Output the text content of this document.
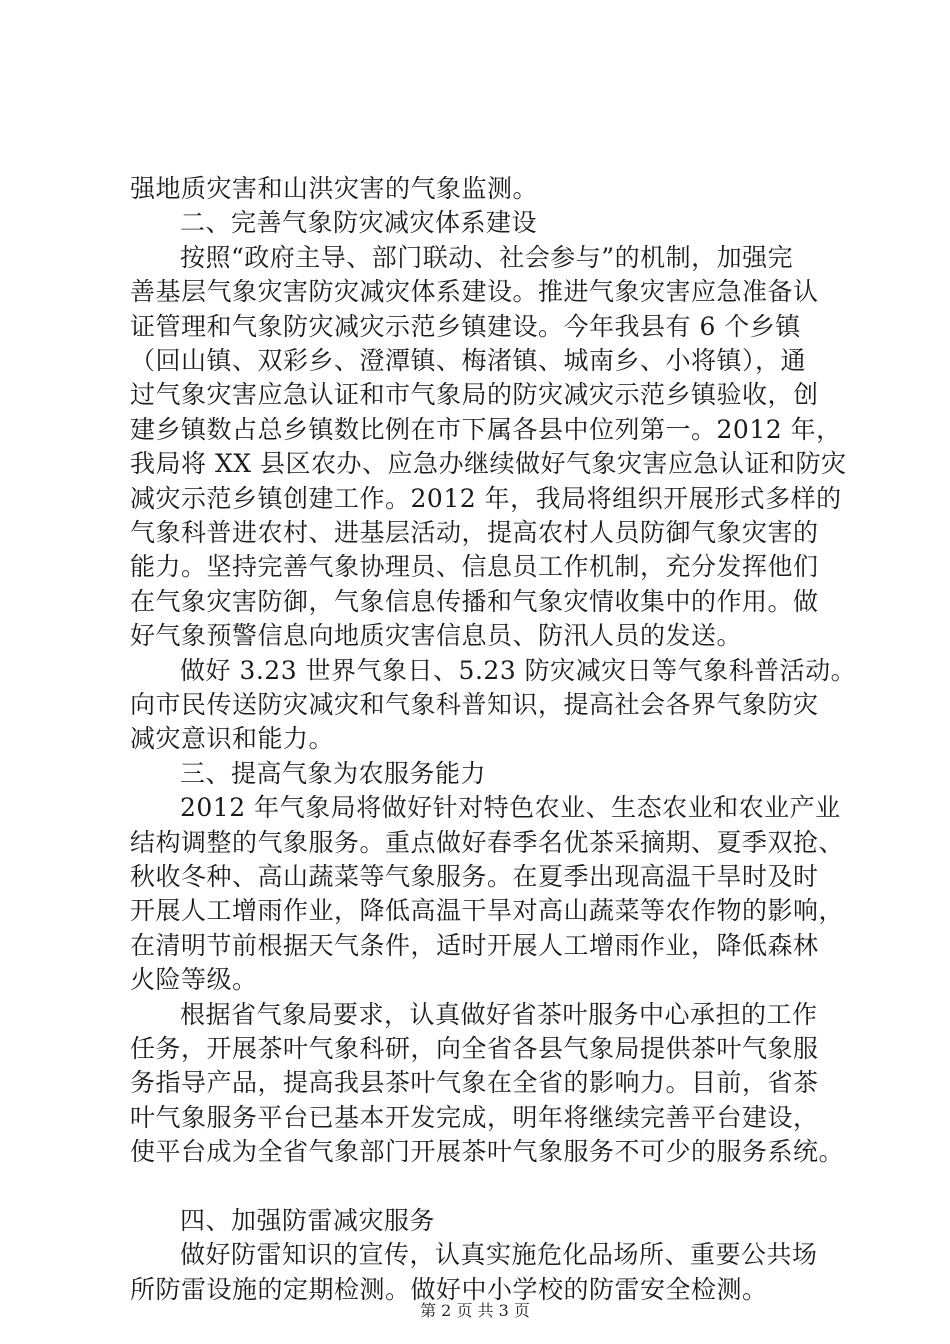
强地质灾害和山洪灾害的气象监测。
二、完善气象防灾减灾体系建设
按照“政府主导、部门联动、社会参与”的机制，加强完
善基层气象灾害防灾减灾体系建设。推进气象灾害应急准备认
证管理和气象防灾减灾示范乡镇建设。今年我县有 6 个乡镇
（回山镇、双彩乡、澄潭镇、梅渚镇、城南乡、小将镇），通
过气象灾害应急认证和市气象局的防灾减灾示范乡镇验收，创
建乡镇数占总乡镇数比例在市下属各县中位列第一。2012 年，
我局将 XX 县区农办、应急办继续做好气象灾害应急认证和防灾
减灾示范乡镇创建工作。2012 年，我局将组织开展形式多样的
气象科普进农村、进基层活动，提高农村人员防御气象灾害的
能力。坚持完善气象协理员、信息员工作机制，充分发挥他们
在气象灾害防御，气象信息传播和气象灾情收集中的作用。做
好气象预警信息向地质灾害信息员、防汛人员的发送。
做好 3.23 世界气象日、5.23 防灾减灾日等气象科普活动。
向市民传送防灾减灾和气象科普知识，提高社会各界气象防灾
减灾意识和能力。
三、提高气象为农服务能力
2012 年气象局将做好针对特色农业、生态农业和农业产业
结构调整的气象服务。重点做好春季名优茶采摘期、夏季双抢、
秋收冬种、高山蔬菜等气象服务。在夏季出现高温干旱时及时
开展人工增雨作业，降低高温干旱对高山蔬菜等农作物的影响，
在清明节前根据天气条件，适时开展人工增雨作业，降低森林
火险等级。
根据省气象局要求，认真做好省茶叶服务中心承担的工作
任务，开展茶叶气象科研，向全省各县气象局提供茶叶气象服
务指导产品，提高我县茶叶气象在全省的影响力。目前，省茶
叶气象服务平台已基本开发完成，明年将继续完善平台建设，
使平台成为全省气象部门开展茶叶气象服务不可少的服务系统。
四、加强防雷减灾服务
做好防雷知识的宣传，认真实施危化品场所、重要公共场
所防雷设施的定期检测。做好中小学校的防雷安全检测。
第 2 页 共 3 页
